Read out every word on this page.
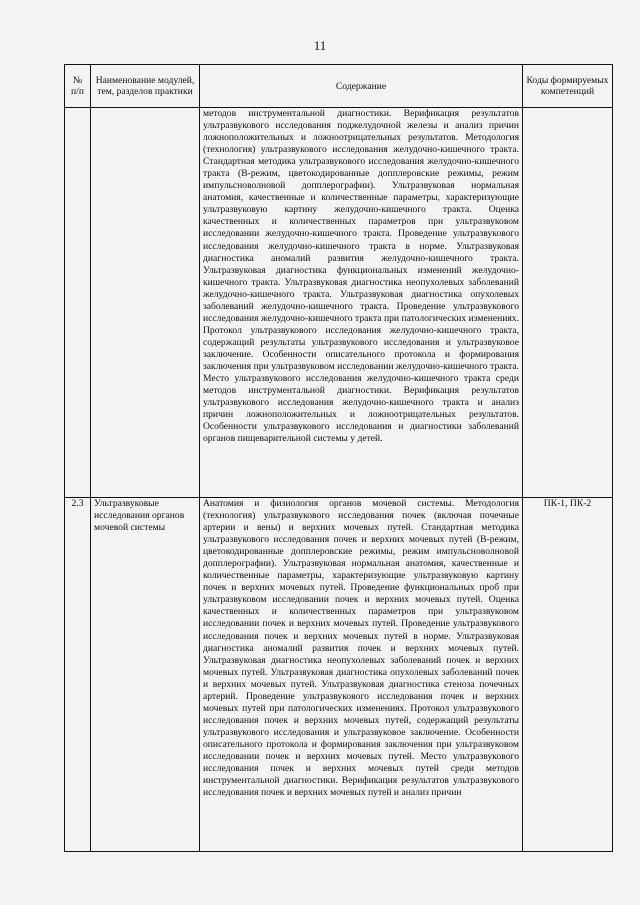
11
№ п/п	Наименование модулей, тем, разделов практики	Содержание	Коды формируемых компетенций
		методов инструментальной диагностики. Верификация результатов ультразвукового исследования поджелудочной железы и анализ причин ложноположительных и ложноотрицательных результатов. Методология (технология) ультразвукового исследования желудочно-кишечного тракта. Стандартная методика ультразвукового исследования желудочно-кишечного тракта (В-режим, цветокодированные допплеровские режимы, режим импульсноволновой допплерографии). Ультразвуковая нормальная анатомия, качественные и количественные параметры, характеризующие ультразвуковую картину желудочно-кишечного тракта. Оценка качественных и количественных параметров при ультразвуковом исследовании желудочно-кишечного тракта. Проведение ультразвукового исследования желудочно-кишечного тракта в норме. Ультразвуковая диагностика аномалий развития желудочно-кишечного тракта. Ультразвуковая диагностика функциональных изменений желудочно-кишечного тракта. Ультразвуковая диагностика неопухолевых заболеваний желудочно-кишечного тракта. Ультразвуковая диагностика опухолевых заболеваний желудочно-кишечного тракта. Проведение ультразвукового исследования желудочно-кишечного тракта при патологических изменениях. Протокол ультразвукового исследования желудочно-кишечного тракта, содержащий результаты ультразвукового исследования и ультразвуковое заключение. Особенности описательного протокола и формирования заключения при ультразвуковом исследовании желудочно-кишечного тракта. Место ультразвукового исследования желудочно-кишечного тракта среди методов инструментальной диагностики. Верификация результатов ультразвукового исследования желудочно-кишечного тракта и анализ причин ложноположительных и ложноотрицательных результатов. Особенности ультразвукового исследования и диагностики заболеваний органов пищеварительной системы у детей.	
2.3	Ультразвуковые исследования органов мочевой системы	Анатомия и физиология органов мочевой системы. Методология (технология) ультразвукового исследования почек (включая почечные артерии и вены) и верхних мочевых путей. Стандартная методика ультразвукового исследования почек и верхних мочевых путей (В-режим, цветокодированные допплеровские режимы, режим импульсноволновой допплерографии). Ультразвуковая нормальная анатомия, качественные и количественные параметры, характеризующие ультразвуковую картину почек и верхних мочевых путей. Проведение функциональных проб при ультразвуковом исследовании почек и верхних мочевых путей. Оценка качественных и количественных параметров при ультразвуковом исследовании почек и верхних мочевых путей. Проведение ультразвукового исследования почек и верхних мочевых путей в норме. Ультразвуковая диагностика аномалий развития почек и верхних мочевых путей. Ультразвуковая диагностика неопухолевых заболеваний почек и верхних мочевых путей. Ультразвуковая диагностика опухолевых заболеваний почек и верхних мочевых путей. Ультразвуковая диагностика стеноза почечных артерий. Проведение ультразвукового исследования почек и верхних мочевых путей при патологических изменениях. Протокол ультразвукового исследования почек и верхних мочевых путей, содержащий результаты ультразвукового исследования и ультразвуковое заключение. Особенности описательного протокола и формирования заключения при ультразвуковом исследовании почек и верхних мочевых путей. Место ультразвукового исследования почек и верхних мочевых путей среди методов инструментальной диагностики. Верификация результатов ультразвукового исследования почек и верхних мочевых путей и анализ причин	ПК-1, ПК-2
